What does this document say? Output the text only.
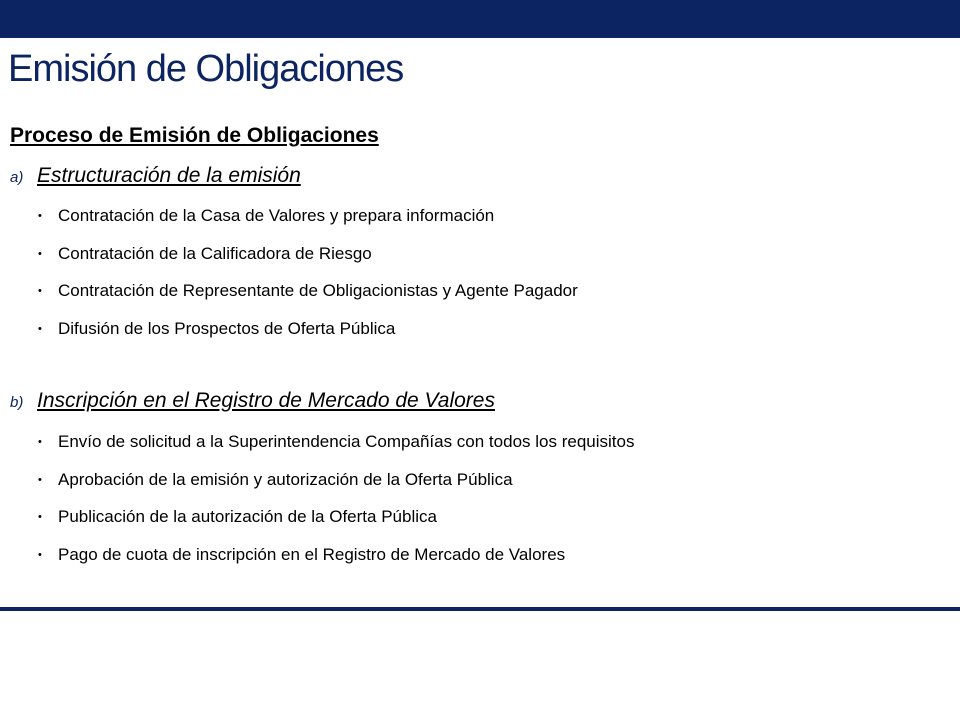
Emisión de Obligaciones
Proceso de Emisión de Obligaciones
a) Estructuración de la emisión
• Contratación de la Casa de Valores y prepara información
• Contratación de la Calificadora de Riesgo
• Contratación de Representante de Obligacionistas y Agente Pagador
• Difusión de los Prospectos de Oferta Pública
b) Inscripción en el Registro de Mercado de Valores
• Envío de solicitud a la Superintendencia Compañías con todos los requisitos
• Aprobación de la emisión y autorización de la Oferta Pública
• Publicación de la autorización de la Oferta Pública
• Pago de cuota de inscripción en el Registro de Mercado de Valores
